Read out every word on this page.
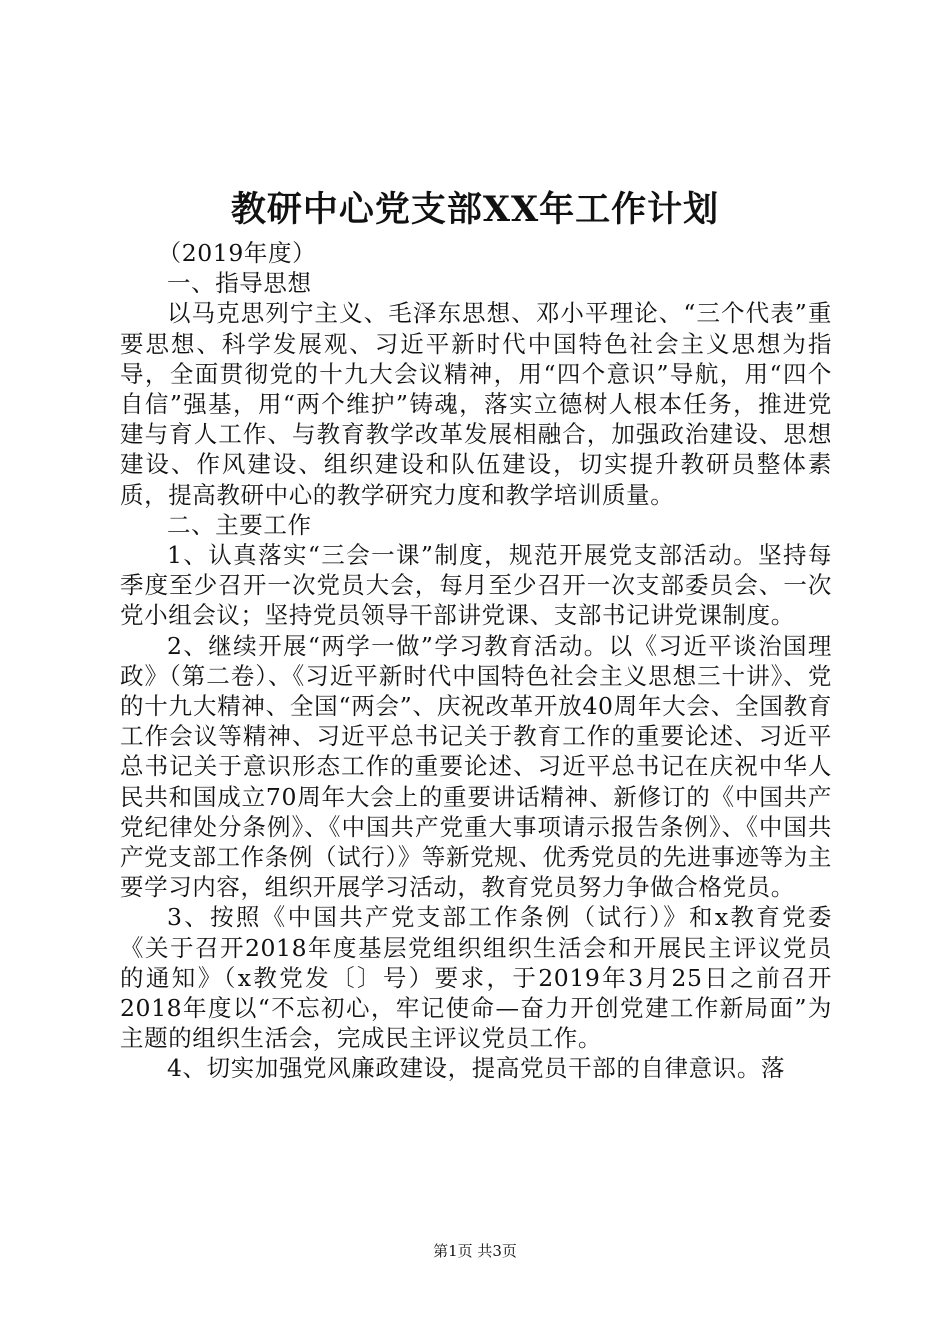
教研中心党支部XX年工作计划

（2019年度）

一、指导思想

以马克思列宁主义、毛泽东思想、邓小平理论、“三个代表”重要思想、科学发展观、习近平新时代中国特色社会主义思想为指导，全面贯彻党的十九大会议精神，用“四个意识”导航，用“四个自信”强基，用“两个维护”铸魂，落实立德树人根本任务，推进党建与育人工作、与教育教学改革发展相融合，加强政治建设、思想建设、作风建设、组织建设和队伍建设，切实提升教研员整体素质，提高教研中心的教学研究力度和教学培训质量。

二、主要工作

1、认真落实“三会一课”制度，规范开展党支部活动。坚持每季度至少召开一次党员大会，每月至少召开一次支部委员会、一次党小组会议；坚持党员领导干部讲党课、支部书记讲党课制度。

2、继续开展“两学一做”学习教育活动。以《习近平谈治国理政》（第二卷）、《习近平新时代中国特色社会主义思想三十讲》、党的十九大精神、全国“两会”、庆祝改革开放40周年大会、全国教育工作会议等精神、习近平总书记关于教育工作的重要论述、习近平总书记关于意识形态工作的重要论述、习近平总书记在庆祝中华人民共和国成立70周年大会上的重要讲话精神、新修订的《中国共产党纪律处分条例》、《中国共产党重大事项请示报告条例》、《中国共产党支部工作条例（试行）》等新党规、优秀党员的先进事迹等为主要学习内容，组织开展学习活动，教育党员努力争做合格党员。

3、按照《中国共产党支部工作条例（试行）》和x教育党委《关于召开2018年度基层党组织组织生活会和开展民主评议党员的通知》（x教党发〔〕号）要求，于2019年3月25日之前召开2018年度以“不忘初心，牢记使命—奋力开创党建工作新局面”为主题的组织生活会，完成民主评议党员工作。

4、切实加强党风廉政建设，提高党员干部的自律意识。落

第1页 共3页
